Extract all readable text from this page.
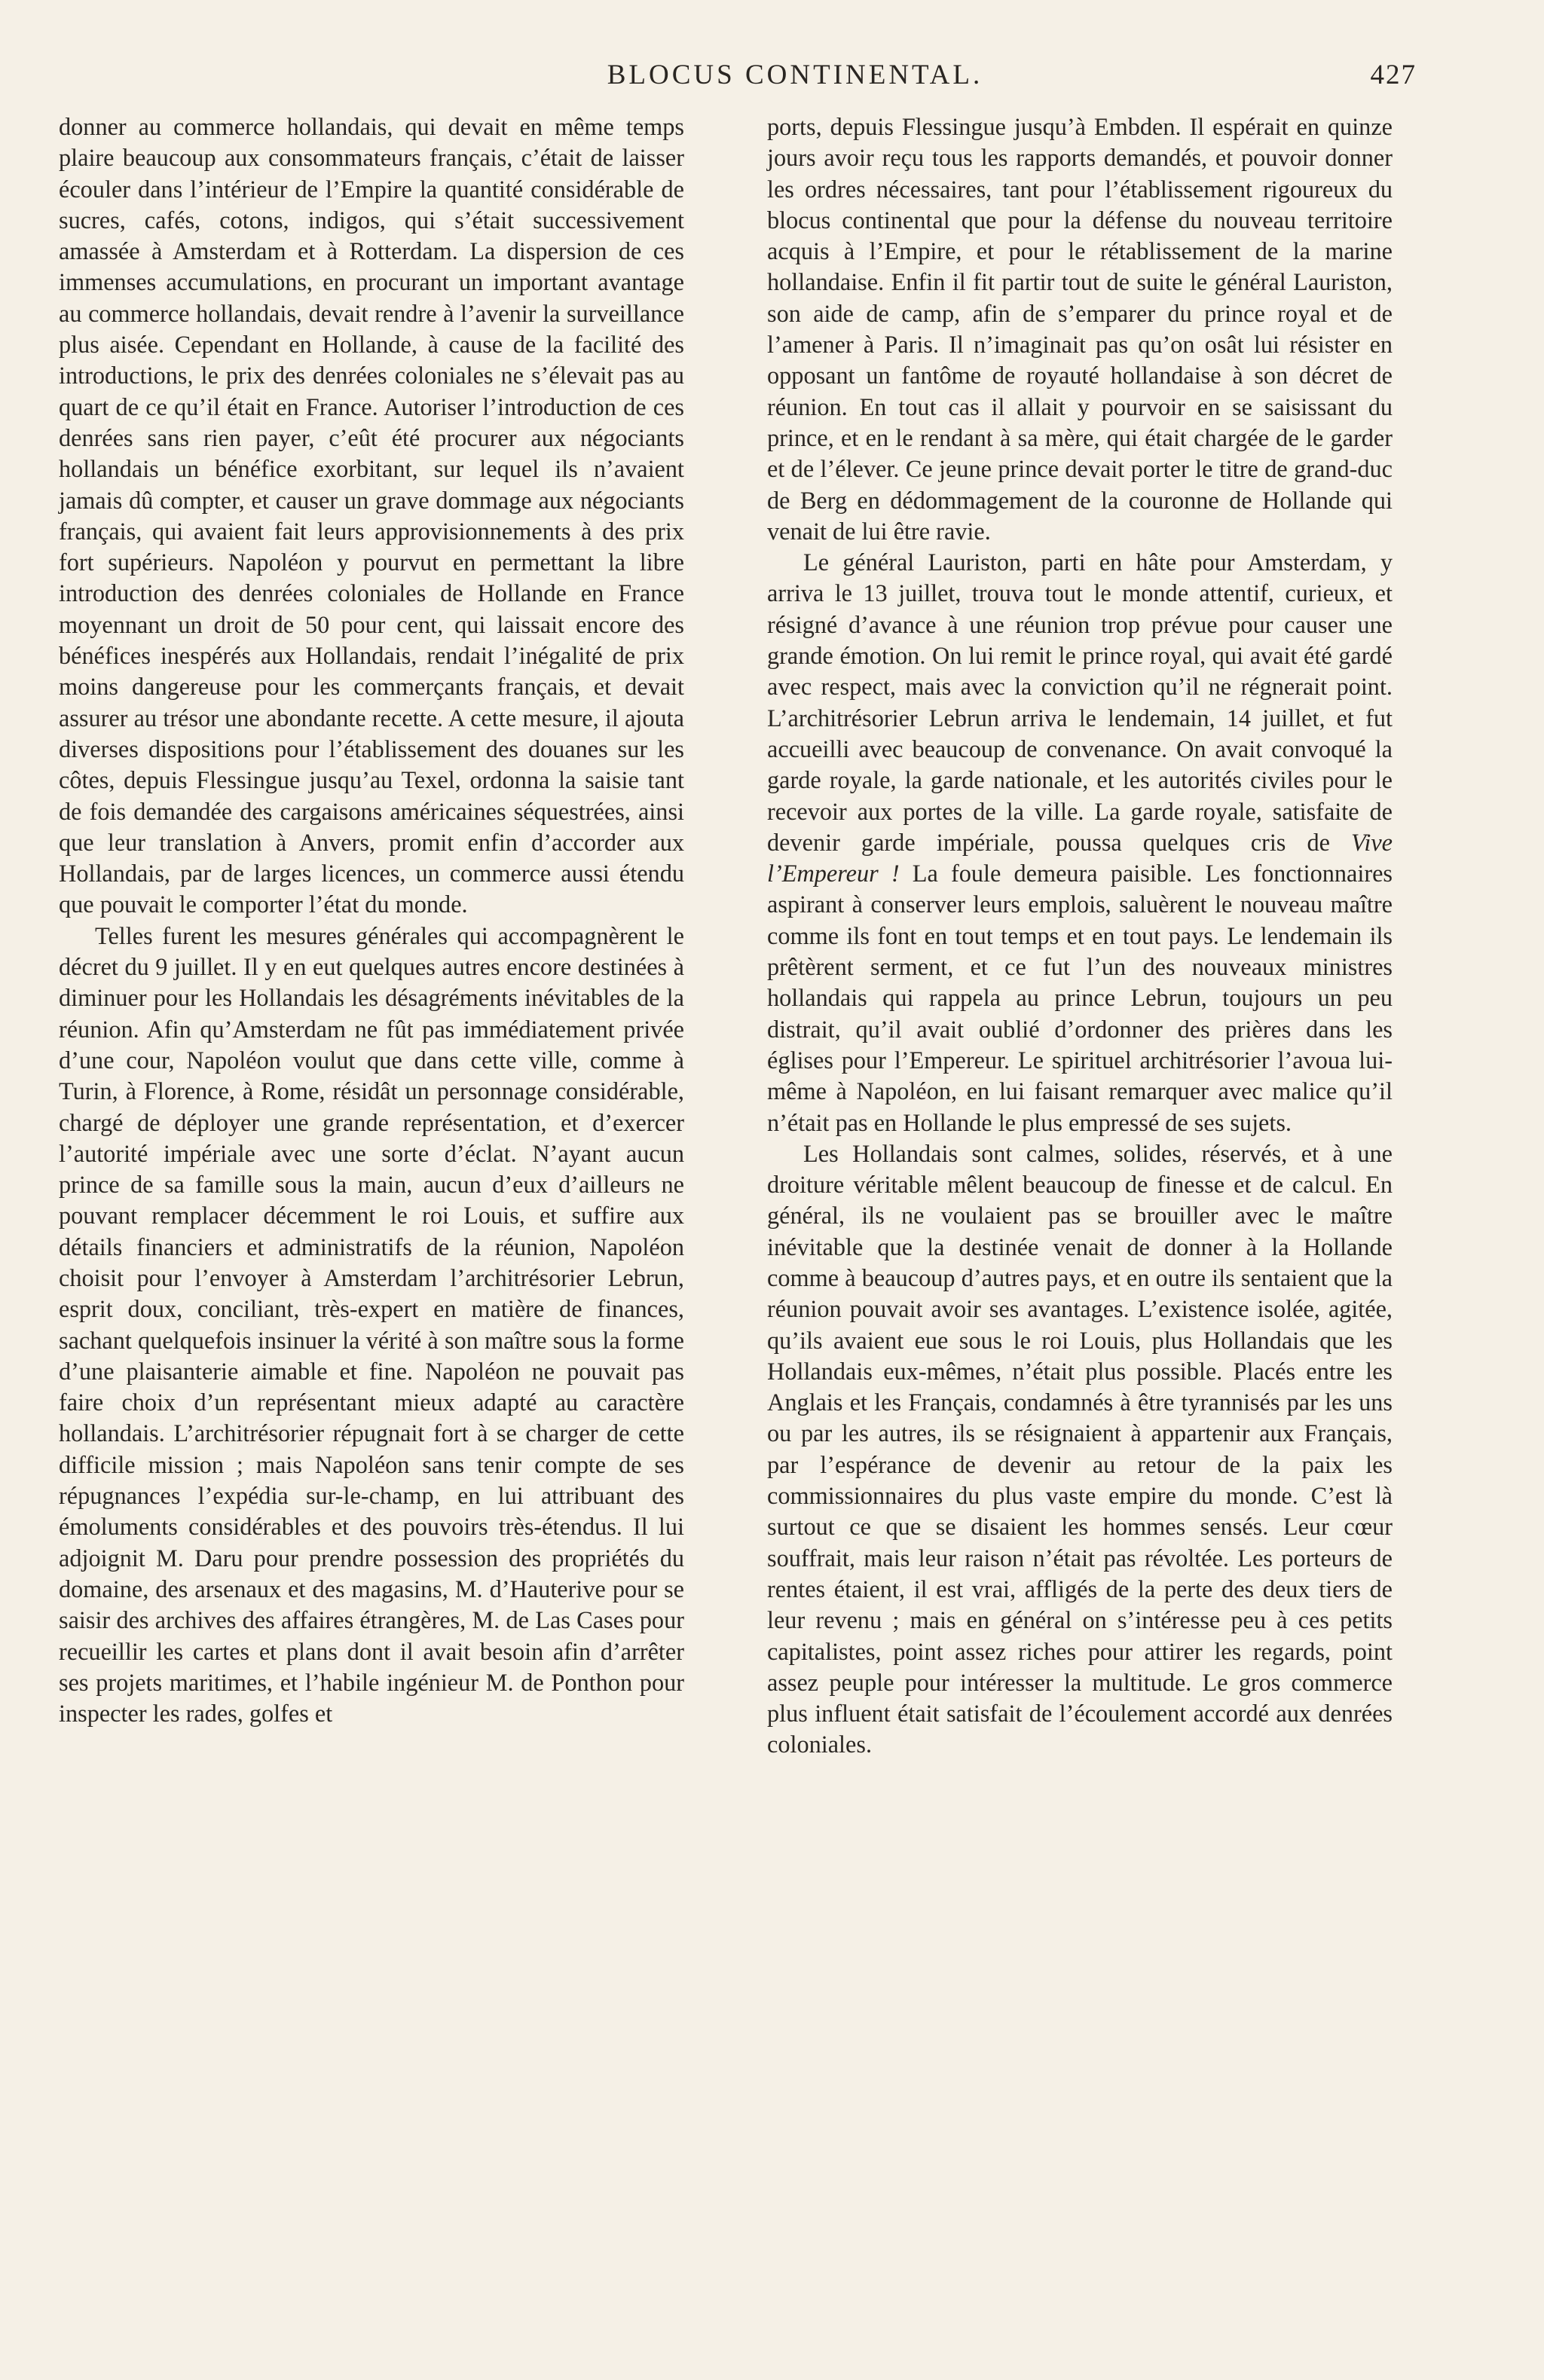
BLOCUS CONTINENTAL.	427

donner au commerce hollandais, qui devait en même temps plaire beaucoup aux consommateurs français, c’était de laisser écouler dans l’intérieur de l’Empire la quantité considérable de sucres, cafés, cotons, indigos, qui s’était successivement amassée à Amsterdam et à Rotterdam. La dispersion de ces immenses accumulations, en procurant un important avantage au commerce hollandais, devait rendre à l’avenir la surveillance plus aisée. Cependant en Hollande, à cause de la facilité des introductions, le prix des denrées coloniales ne s’élevait pas au quart de ce qu’il était en France. Autoriser l’introduction de ces denrées sans rien payer, c’eût été procurer aux négociants hollandais un bénéfice exorbitant, sur lequel ils n’avaient jamais dû compter, et causer un grave dommage aux négociants français, qui avaient fait leurs approvisionnements à des prix fort supérieurs. Napoléon y pourvut en permettant la libre introduction des denrées coloniales de Hollande en France moyennant un droit de 50 pour cent, qui laissait encore des bénéfices inespérés aux Hollandais, rendait l’inégalité de prix moins dangereuse pour les commerçants français, et devait assurer au trésor une abondante recette. A cette mesure, il ajouta diverses dispositions pour l’établissement des douanes sur les côtes, depuis Flessingue jusqu’au Texel, ordonna la saisie tant de fois demandée des cargaisons américaines séquestrées, ainsi que leur translation à Anvers, promit enfin d’accorder aux Hollandais, par de larges licences, un commerce aussi étendu que pouvait le comporter l’état du monde.

Telles furent les mesures générales qui accompagnèrent le décret du 9 juillet. Il y en eut quelques autres encore destinées à diminuer pour les Hollandais les désagréments inévitables de la réunion. Afin qu’Amsterdam ne fût pas immédiatement privée d’une cour, Napoléon voulut que dans cette ville, comme à Turin, à Florence, à Rome, résidât un personnage considérable, chargé de déployer une grande représentation, et d’exercer l’autorité impériale avec une sorte d’éclat. N’ayant aucun prince de sa famille sous la main, aucun d’eux d’ailleurs ne pouvant remplacer décemment le roi Louis, et suffire aux détails financiers et administratifs de la réunion, Napoléon choisit pour l’envoyer à Amsterdam l’architrésorier Lebrun, esprit doux, conciliant, très-expert en matière de finances, sachant quelquefois insinuer la vérité à son maître sous la forme d’une plaisanterie aimable et fine. Napoléon ne pouvait pas faire choix d’un représentant mieux adapté au caractère hollandais. L’architrésorier répugnait fort à se charger de cette difficile mission ; mais Napoléon sans tenir compte de ses répugnances l’expédia sur-le-champ, en lui attribuant des émoluments considérables et des pouvoirs très-étendus. Il lui adjoignit M. Daru pour prendre possession des propriétés du domaine, des arsenaux et des magasins, M. d’Hauterive pour se saisir des archives des affaires étrangères, M. de Las Cases pour recueillir les cartes et plans dont il avait besoin afin d’arrêter ses projets maritimes, et l’habile ingénieur M. de Ponthon pour inspecter les rades, golfes et

ports, depuis Flessingue jusqu’à Embden. Il espérait en quinze jours avoir reçu tous les rapports demandés, et pouvoir donner les ordres nécessaires, tant pour l’établissement rigoureux du blocus continental que pour la défense du nouveau territoire acquis à l’Empire, et pour le rétablissement de la marine hollandaise. Enfin il fit partir tout de suite le général Lauriston, son aide de camp, afin de s’emparer du prince royal et de l’amener à Paris. Il n’imaginait pas qu’on osât lui résister en opposant un fantôme de royauté hollandaise à son décret de réunion. En tout cas il allait y pourvoir en se saisissant du prince, et en le rendant à sa mère, qui était chargée de le garder et de l’élever. Ce jeune prince devait porter le titre de grand-duc de Berg en dédommagement de la couronne de Hollande qui venait de lui être ravie.

Le général Lauriston, parti en hâte pour Amsterdam, y arriva le 13 juillet, trouva tout le monde attentif, curieux, et résigné d’avance à une réunion trop prévue pour causer une grande émotion. On lui remit le prince royal, qui avait été gardé avec respect, mais avec la conviction qu’il ne régnerait point. L’architrésorier Lebrun arriva le lendemain, 14 juillet, et fut accueilli avec beaucoup de convenance. On avait convoqué la garde royale, la garde nationale, et les autorités civiles pour le recevoir aux portes de la ville. La garde royale, satisfaite de devenir garde impériale, poussa quelques cris de Vive l’Empereur ! La foule demeura paisible. Les fonctionnaires aspirant à conserver leurs emplois, saluèrent le nouveau maître comme ils font en tout temps et en tout pays. Le lendemain ils prêtèrent serment, et ce fut l’un des nouveaux ministres hollandais qui rappela au prince Lebrun, toujours un peu distrait, qu’il avait oublié d’ordonner des prières dans les églises pour l’Empereur. Le spirituel architrésorier l’avoua lui-même à Napoléon, en lui faisant remarquer avec malice qu’il n’était pas en Hollande le plus empressé de ses sujets.

Les Hollandais sont calmes, solides, réservés, et à une droiture véritable mêlent beaucoup de finesse et de calcul. En général, ils ne voulaient pas se brouiller avec le maître inévitable que la destinée venait de donner à la Hollande comme à beaucoup d’autres pays, et en outre ils sentaient que la réunion pouvait avoir ses avantages. L’existence isolée, agitée, qu’ils avaient eue sous le roi Louis, plus Hollandais que les Hollandais eux-mêmes, n’était plus possible. Placés entre les Anglais et les Français, condamnés à être tyrannisés par les uns ou par les autres, ils se résignaient à appartenir aux Français, par l’espérance de devenir au retour de la paix les commissionnaires du plus vaste empire du monde. C’est là surtout ce que se disaient les hommes sensés. Leur cœur souffrait, mais leur raison n’était pas révoltée. Les porteurs de rentes étaient, il est vrai, affligés de la perte des deux tiers de leur revenu ; mais en général on s’intéresse peu à ces petits capitalistes, point assez riches pour attirer les regards, point assez peuple pour intéresser la multitude. Le gros commerce plus influent était satisfait de l’écoulement accordé aux denrées coloniales.
